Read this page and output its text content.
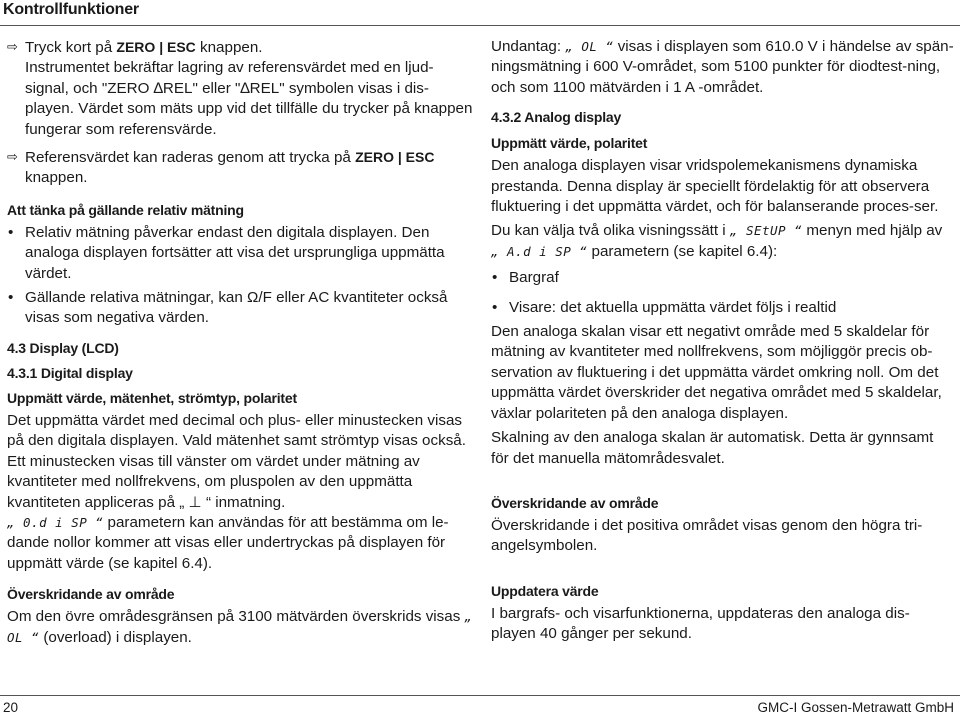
Kontrollfunktioner
⇨ Tryck kort på ZERO | ESC knappen.
Instrumentet bekräftar lagring av referensvärdet med en ljud-signal, och "ZERO ∆REL" eller "∆REL" symbolen visas i dis-playen. Värdet som mäts upp vid det tillfälle du trycker på knappen fungerar som referensvärde.
⇨ Referensvärdet kan raderas genom att trycka på ZERO | ESC knappen.
Att tänka på gällande relativ mätning
• Relativ mätning påverkar endast den digitala displayen. Den analoga displayen fortsätter att visa det ursprungliga uppmätta värdet.
• Gällande relativa mätningar, kan Ω/F eller AC kvantiteter också visas som negativa värden.
4.3 Display (LCD)
4.3.1 Digital display
Uppmätt värde, mätenhet, strömtyp, polaritet
Det uppmätta värdet med decimal och plus- eller minustecken visas på den digitala displayen. Vald mätenhet samt strömtyp visas också. Ett minustecken visas till vänster om värdet under mätning av kvantiteter med nollfrekvens, om pluspolen av den uppmätta kvantiteten appliceras på „ ⊥ “ inmatning.
„ 0.d i SP “ parametern kan användas för att bestämma om le-dande nollor kommer att visas eller undertryckas på displayen för uppmätt värde (se kapitel 6.4).
Överskridande av område
Om den övre områdesgränsen på 3100 mätvärden överskrids visas „ OL “ (overload) i displayen.
Undantag: „ OL “ visas i displayen som 610.0 V i händelse av spän-ningsmätning i 600 V-området, som 5100 punkter för diodtest-ning, och som 1100 mätvärden i 1 A -området.
4.3.2 Analog display
Uppmätt värde, polaritet
Den analoga displayen visar vridspolemekanismens dynamiska prestanda. Denna display är speciellt fördelaktig för att observera fluktuering i det uppmätta värdet, och för balanserande proces-ser.
Du kan välja två olika visningssätt i „ SEtUP “ menyn med hjälp av „ A.d i SP “ parametern (se kapitel 6.4):
• Bargraf
• Visare: det aktuella uppmätta värdet följs i realtid
Den analoga skalan visar ett negativt område med 5 skaldelar för mätning av kvantiteter med nollfrekvens, som möjliggör precis ob-servation av fluktuering i det uppmätta värdet omkring noll. Om det uppmätta värdet överskrider det negativa området med 5 skaldelar, växlar polariteten på den analoga displayen.
Skalning av den analoga skalan är automatisk. Detta är gynnsamt för det manuella mätområdesvalet.
Överskridande av område
Överskridande i det positiva området visas genom den högra tri-angelsymbolen.
Uppdatera värde
I bargrafs- och visarfunktionerna, uppdateras den analoga dis-playen 40 gånger per sekund.
20	GMC-I Gossen-Metrawatt GmbH
